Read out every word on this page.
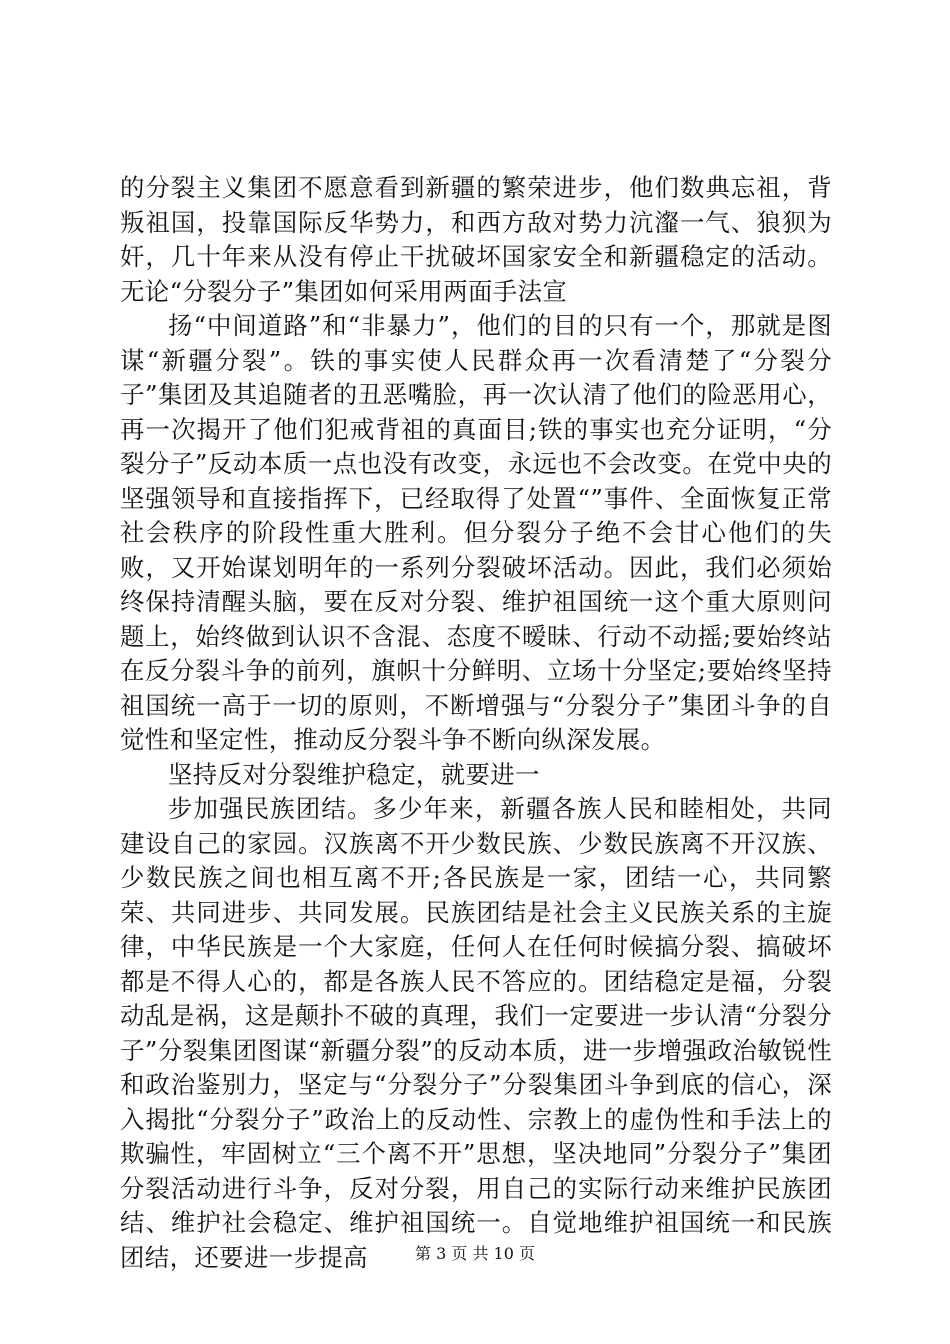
的分裂主义集团不愿意看到新疆的繁荣进步，他们数典忘祖，背叛祖国，投靠国际反华势力，和西方敌对势力沆瀣一气、狼狈为奸，几十年来从没有停止干扰破坏国家安全和新疆稳定的活动。无论“分裂分子”集团如何采用两面手法宣

扬“中间道路”和“非暴力”，他们的目的只有一个，那就是图谋“新疆分裂”。铁的事实使人民群众再一次看清楚了“分裂分子”集团及其追随者的丑恶嘴脸，再一次认清了他们的险恶用心，再一次揭开了他们犯戒背祖的真面目;铁的事实也充分证明，“分裂分子”反动本质一点也没有改变，永远也不会改变。在党中央的坚强领导和直接指挥下，已经取得了处置“”事件、全面恢复正常社会秩序的阶段性重大胜利。但分裂分子绝不会甘心他们的失败，又开始谋划明年的一系列分裂破坏活动。因此，我们必须始终保持清醒头脑，要在反对分裂、维护祖国统一这个重大原则问题上，始终做到认识不含混、态度不暧昧、行动不动摇;要始终站在反分裂斗争的前列，旗帜十分鲜明、立场十分坚定;要始终坚持祖国统一高于一切的原则，不断增强与“分裂分子”集团斗争的自觉性和坚定性，推动反分裂斗争不断向纵深发展。

坚持反对分裂维护稳定，就要进一

步加强民族团结。多少年来，新疆各族人民和睦相处，共同建设自己的家园。汉族离不开少数民族、少数民族离不开汉族、少数民族之间也相互离不开;各民族是一家，团结一心，共同繁荣、共同进步、共同发展。民族团结是社会主义民族关系的主旋律，中华民族是一个大家庭，任何人在任何时候搞分裂、搞破坏都是不得人心的，都是各族人民不答应的。团结稳定是福，分裂动乱是祸，这是颠扑不破的真理，我们一定要进一步认清“分裂分子”分裂集团图谋“新疆分裂”的反动本质，进一步增强政治敏锐性和政治鉴别力，坚定与“分裂分子”分裂集团斗争到底的信心，深入揭批“分裂分子”政治上的反动性、宗教上的虚伪性和手法上的欺骗性，牢固树立“三个离不开”思想，坚决地同”分裂分子”集团分裂活动进行斗争，反对分裂，用自己的实际行动来维护民族团结、维护社会稳定、维护祖国统一。自觉地维护祖国统一和民族团结，还要进一步提高	第 3 页 共 10 页
